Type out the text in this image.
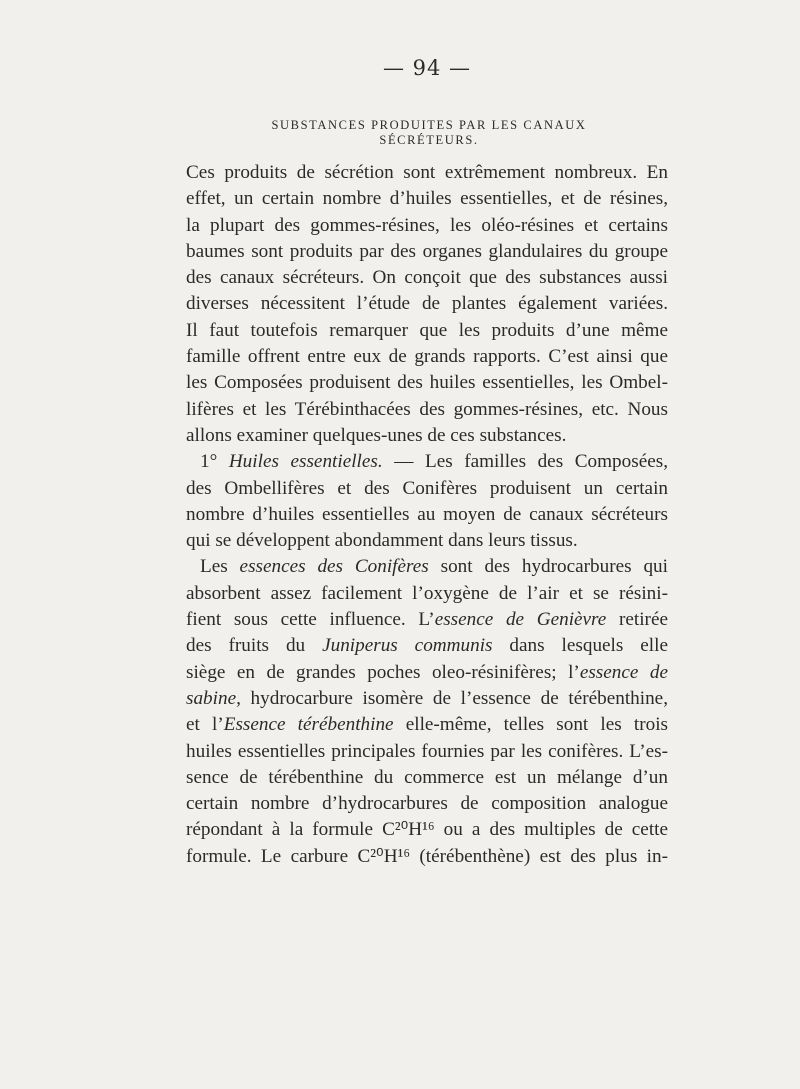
— 94 —
SUBSTANCES PRODUITES PAR LES CANAUX SÉCRÉTEURS.
Ces produits de sécrétion sont extrêmement nombreux. En
effet, un certain nombre d’huiles essentielles, et de résines,
la plupart des gommes-résines, les oléo-résines et certains
baumes sont produits par des organes glandulaires du groupe
des canaux sécréteurs. On conçoit que des substances aussi
diverses nécessitent l’étude de plantes également variées.
Il faut toutefois remarquer que les produits d’une même
famille offrent entre eux de grands rapports. C’est ainsi que
les Composées produisent des huiles essentielles, les Ombel-
lifères et les Térébinthacées des gommes-résines, etc. Nous
allons examiner quelques-unes de ces substances.
1° Huiles essentielles. — Les familles des Composées,
des Ombellifères et des Conifères produisent un certain
nombre d’huiles essentielles au moyen de canaux sécréteurs
qui se développent abondamment dans leurs tissus.
Les essences des Conifères sont des hydrocarbures qui
absorbent assez facilement l’oxygène de l’air et se résini-
fient sous cette influence. L’essence de Genièvre retirée
des fruits du Juniperus communis dans lesquels elle
siège en de grandes poches oleo-résinifères; l’essence de
sabine, hydrocarbure isomère de l’essence de térébenthine,
et l’Essence térébenthine elle-même, telles sont les trois
huiles essentielles principales fournies par les conifères. L’es-
sence de térébenthine du commerce est un mélange d’un
certain nombre d’hydrocarbures de composition analogue
répondant à la formule C²⁰H¹⁶ ou a des multiples de cette
formule. Le carbure C²⁰H¹⁶ (térébenthène) est des plus in-
